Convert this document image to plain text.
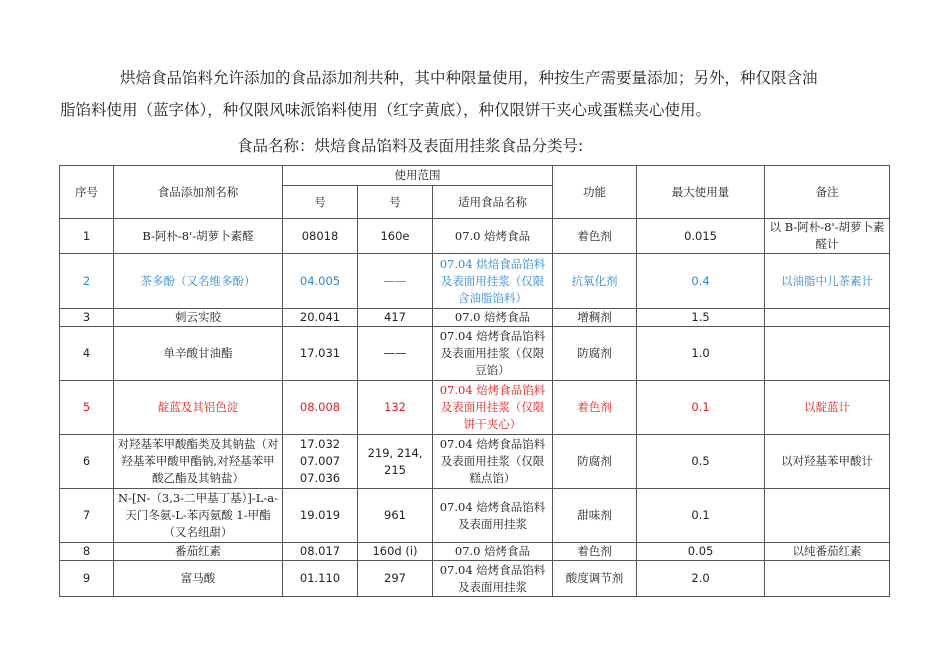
烘焙食品馅料允许添加的食品添加剂共种，其中种限量使用，种按生产需要量添加；另外，种仅限含油
脂馅料使用（蓝字体），种仅限风味派馅料使用（红字黄底），种仅限饼干夹心或蛋糕夹心使用。
食品名称：烘焙食品馅料及表面用挂浆食品分类号:
序号	食品添加剂名称	使用范围			功能	最大使用量	备注
		号	号	适用食品名称			
1	B-阿朴-8'-胡萝卜素醛	08018	160e	07.0 焙烤食品	着色剂	0.015	以 B-阿朴-8'-胡萝卜素醛计
2	茶多酚（又名维多酚）	04.005	——	07.04 烘焙食品馅料及表面用挂浆（仅限含油脂馅料）	抗氧化剂	0.4	以油脂中儿茶素计
3	刺云实胶	20.041	417	07.0 焙烤食品	增稠剂	1.5	
4	单辛酸甘油酯	17.031	——	07.04 焙烤食品馅料及表面用挂浆（仅限豆馅）	防腐剂	1.0	
5	靛蓝及其铝色淀	08.008	132	07.04 焙烤食品馅料及表面用挂浆（仅限饼干夹心）	着色剂	0.1	以靛蓝计
6	对羟基苯甲酸酯类及其钠盐（对羟基苯甲酸甲酯钠,对羟基苯甲酸乙酯及其钠盐）	17.032 07.007 07.036	219, 214, 215	07.04 焙烤食品馅料及表面用挂浆（仅限糕点馅）	防腐剂	0.5	以对羟基苯甲酸计
7	N-[N-（3,3-二甲基丁基）]-L-a-天门冬氨-L-苯丙氨酸 1-甲酯（又名纽甜）	19.019	961	07.04 焙烤食品馅料及表面用挂浆	甜味剂	0.1	
8	番茄红素	08.017	160d (i)	07.0 焙烤食品	着色剂	0.05	以纯番茄红素
9	富马酸	01.110	297	07.04 焙烤食品馅料及表面用挂浆	酸度调节剂	2.0	
